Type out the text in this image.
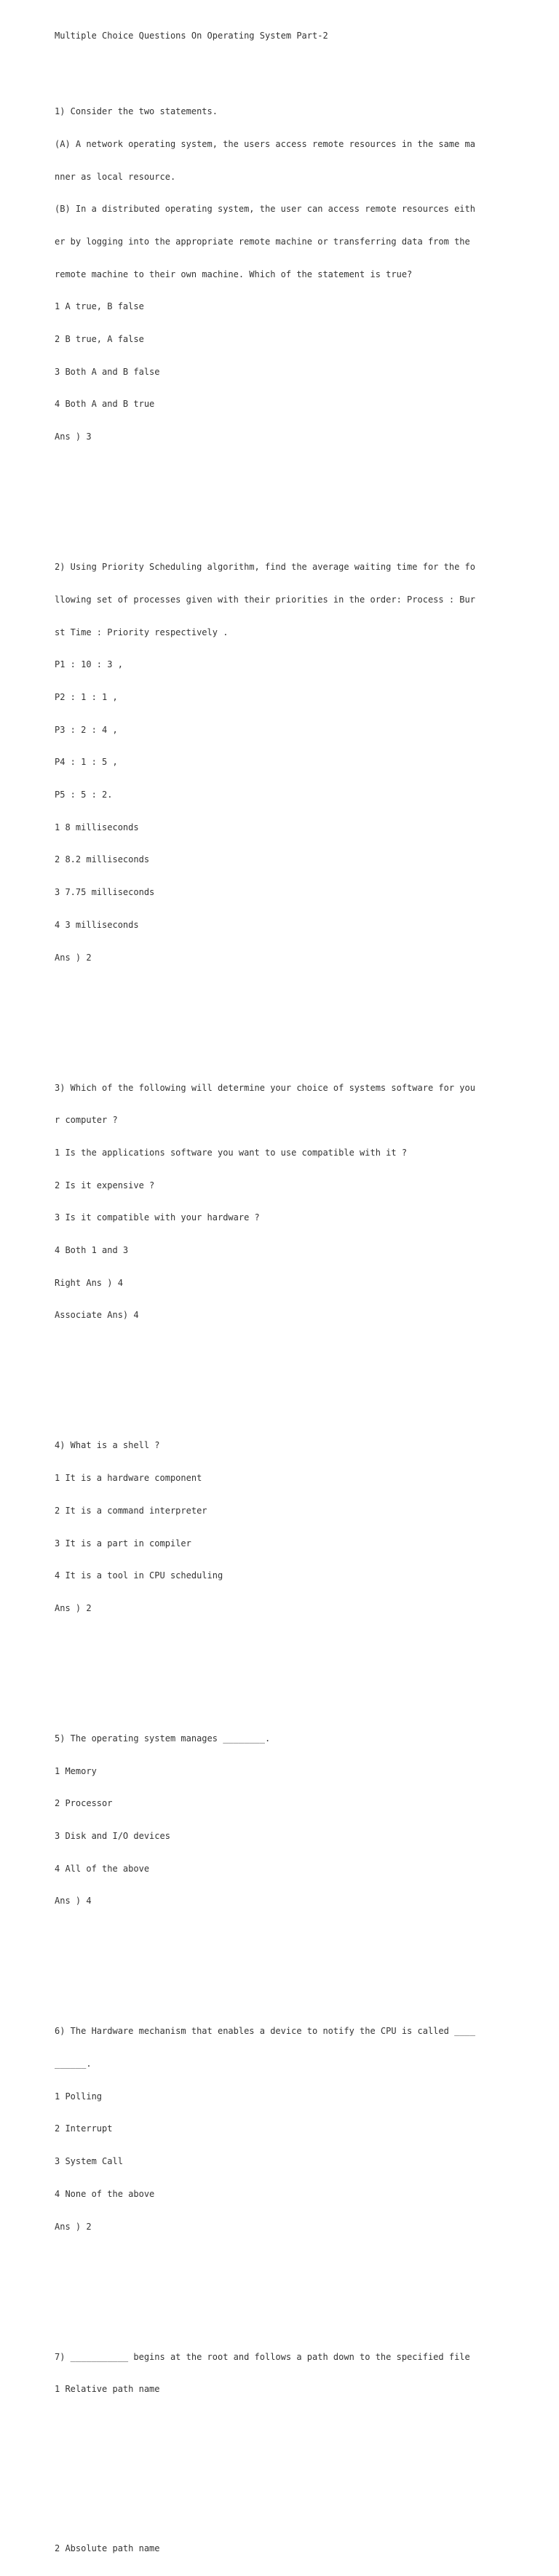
Multiple Choice Questions On Operating System Part-2

1) Consider the two statements.

(A) A network operating system, the users access remote resources in the same ma

nner as local resource.

(B) In a distributed operating system, the user can access remote resources eith

er by logging into the appropriate remote machine or transferring data from the

remote machine to their own machine. Which of the statement is true?

1 A true, B false

2 B true, A false

3 Both A and B false

4 Both A and B true

Ans ) 3

2) Using Priority Scheduling algorithm, find the average waiting time for the fo

llowing set of processes given with their priorities in the order: Process : Bur

st Time : Priority respectively .

P1 : 10 : 3 ,

P2 : 1 : 1 ,

P3 : 2 : 4 ,

P4 : 1 : 5 ,

P5 : 5 : 2.

1 8 milliseconds

2 8.2 milliseconds

3 7.75 milliseconds

4 3 milliseconds

Ans ) 2

3) Which of the following will determine your choice of systems software for you

r computer ?

1 Is the applications software you want to use compatible with it ?

2 Is it expensive ?

3 Is it compatible with your hardware ?

4 Both 1 and 3

Right Ans ) 4

Associate Ans) 4

4) What is a shell ?

1 It is a hardware component

2 It is a command interpreter

3 It is a part in compiler

4 It is a tool in CPU scheduling

Ans ) 2

5) The operating system manages ________.

1 Memory

2 Processor

3 Disk and I/O devices

4 All of the above

Ans ) 4

6) The Hardware mechanism that enables a device to notify the CPU is called ____

______.

1 Polling

2 Interrupt

3 System Call

4 None of the above

Ans ) 2

7) ___________ begins at the root and follows a path down to the specified file

1 Relative path name

2 Absolute path name
